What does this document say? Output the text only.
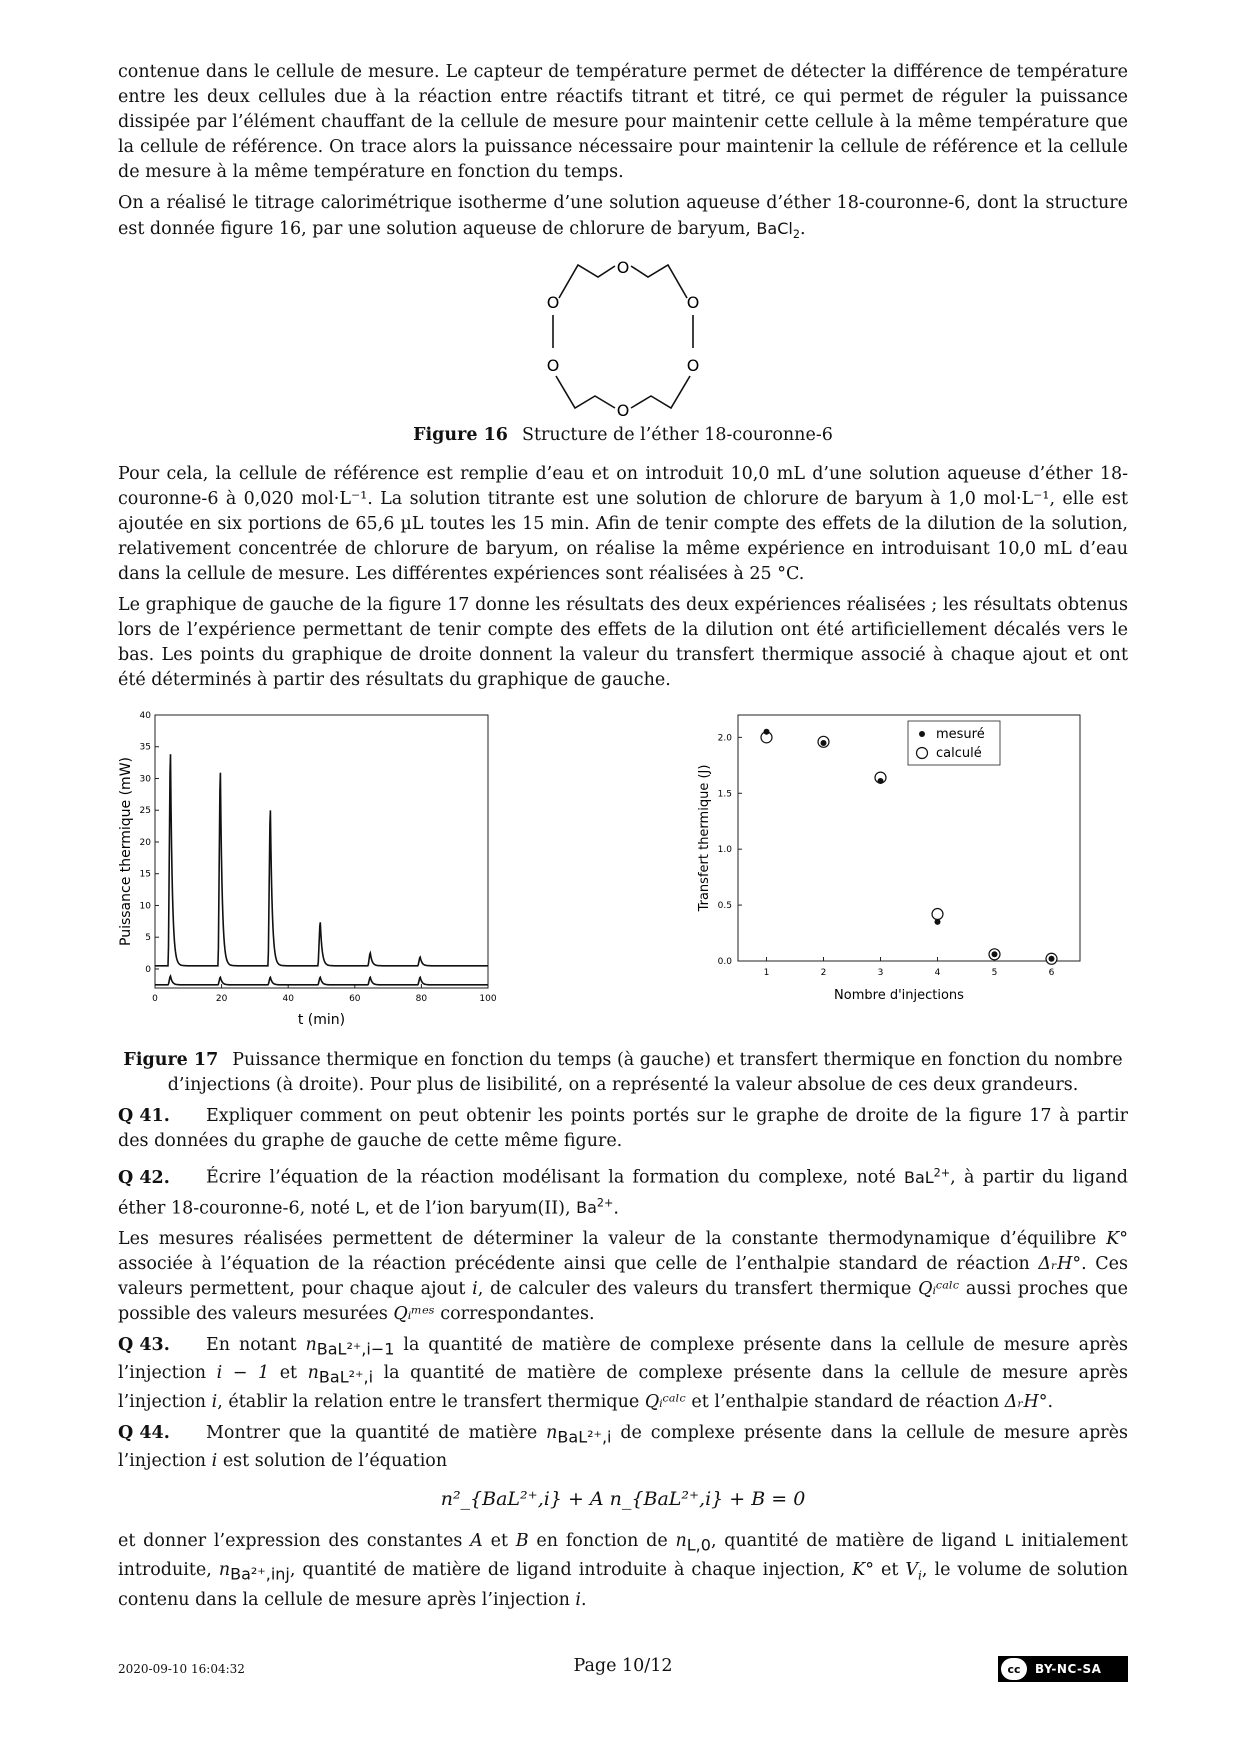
contenue dans le cellule de mesure. Le capteur de température permet de détecter la différence de température entre les deux cellules due à la réaction entre réactifs titrant et titré, ce qui permet de réguler la puissance dissipée par l’élément chauffant de la cellule de mesure pour maintenir cette cellule à la même température que la cellule de référence. On trace alors la puissance nécessaire pour maintenir la cellule de référence et la cellule de mesure à la même température en fonction du temps.

On a réalisé le titrage calorimétrique isotherme d’une solution aqueuse d’éther 18-couronne-6, dont la structure est donnée figure 16, par une solution aqueuse de chlorure de baryum, BaCl$_2$.

O
O	O
O	O
O
Figure 16 Structure de l’éther 18-couronne-6

Pour cela, la cellule de référence est remplie d’eau et on introduit 10,0 mL d’une solution aqueuse d’éther 18-couronne-6 à 0,020 mol·L⁻¹. La solution titrante est une solution de chlorure de baryum à 1,0 mol·L⁻¹, elle est ajoutée en six portions de 65,6 µL toutes les 15 min. Afin de tenir compte des effets de la dilution de la solution, relativement concentrée de chlorure de baryum, on réalise la même expérience en introduisant 10,0 mL d’eau dans la cellule de mesure. Les différentes expériences sont réalisées à 25 °C.

Le graphique de gauche de la figure 17 donne les résultats des deux expériences réalisées ; les résultats obtenus lors de l’expérience permettant de tenir compte des effets de la dilution ont été artificiellement décalés vers le bas. Les points du graphique de droite donnent la valeur du transfert thermique associé à chaque ajout et ont été déterminés à partir des résultats du graphique de gauche.

0
5
10
15
20
25
30
35
40
0	20	40	60	80	100
t (min)
Puissance thermique (mW)
0.0
0.5
1.0
1.5
2.0
1	2	3	4	5	6
Nombre d'injections
Transfert thermique (J)
mesuré
calculé
Figure 17 Puissance thermique en fonction du temps (à gauche) et transfert thermique en fonction du nombre d’injections (à droite). Pour plus de lisibilité, on a représenté la valeur absolue de ces deux grandeurs.

Q 41. Expliquer comment on peut obtenir les points portés sur le graphe de droite de la figure 17 à partir des données du graphe de gauche de cette même figure.

Q 42. Écrire l’équation de la réaction modélisant la formation du complexe, noté BaL$^{2+}$, à partir du ligand éther 18-couronne-6, noté L, et de l’ion baryum(II), $Ba^{2+}$.

Les mesures réalisées permettent de déterminer la valeur de la constante thermodynamique d’équilibre K° associée à l’équation de la réaction précédente ainsi que celle de l’enthalpie standard de réaction ΔᵣH°. Ces valeurs permettent, pour chaque ajout i, de calculer des valeurs du transfert thermique Qᵢᶜᵃˡᶜ aussi proches que possible des valeurs mesurées Qᵢᵐᵉˢ correspondantes.

Q 43. En notant $n_{BaL^{2+},i-1}$ la quantité de matière de complexe présente dans la cellule de mesure après l’injection i − 1 et $n_{BaL^{2+},i}$ la quantité de matière de complexe présente dans la cellule de mesure après l’injection i, établir la relation entre le transfert thermique Qᵢᶜᵃˡᶜ et l’enthalpie standard de réaction ΔᵣH°.

Q 44. Montrer que la quantité de matière $n_{BaL^{2+},i}$ de complexe présente dans la cellule de mesure après l’injection i est solution de l’équation

n²_{BaL²⁺,i} + A n_{BaL²⁺,i} + B = 0

et donner l’expression des constantes A et B en fonction de $n_{L,0}$, quantité de matière de ligand L initialement introduite, $n_{Ba^{2+},inj}$, quantité de matière de ligand introduite à chaque injection, K° et $V_i$, le volume de solution contenu dans la cellule de mesure après l’injection i.

2020-09-10 16:04:32	Page 10/12	cc	BY-NC-SA
